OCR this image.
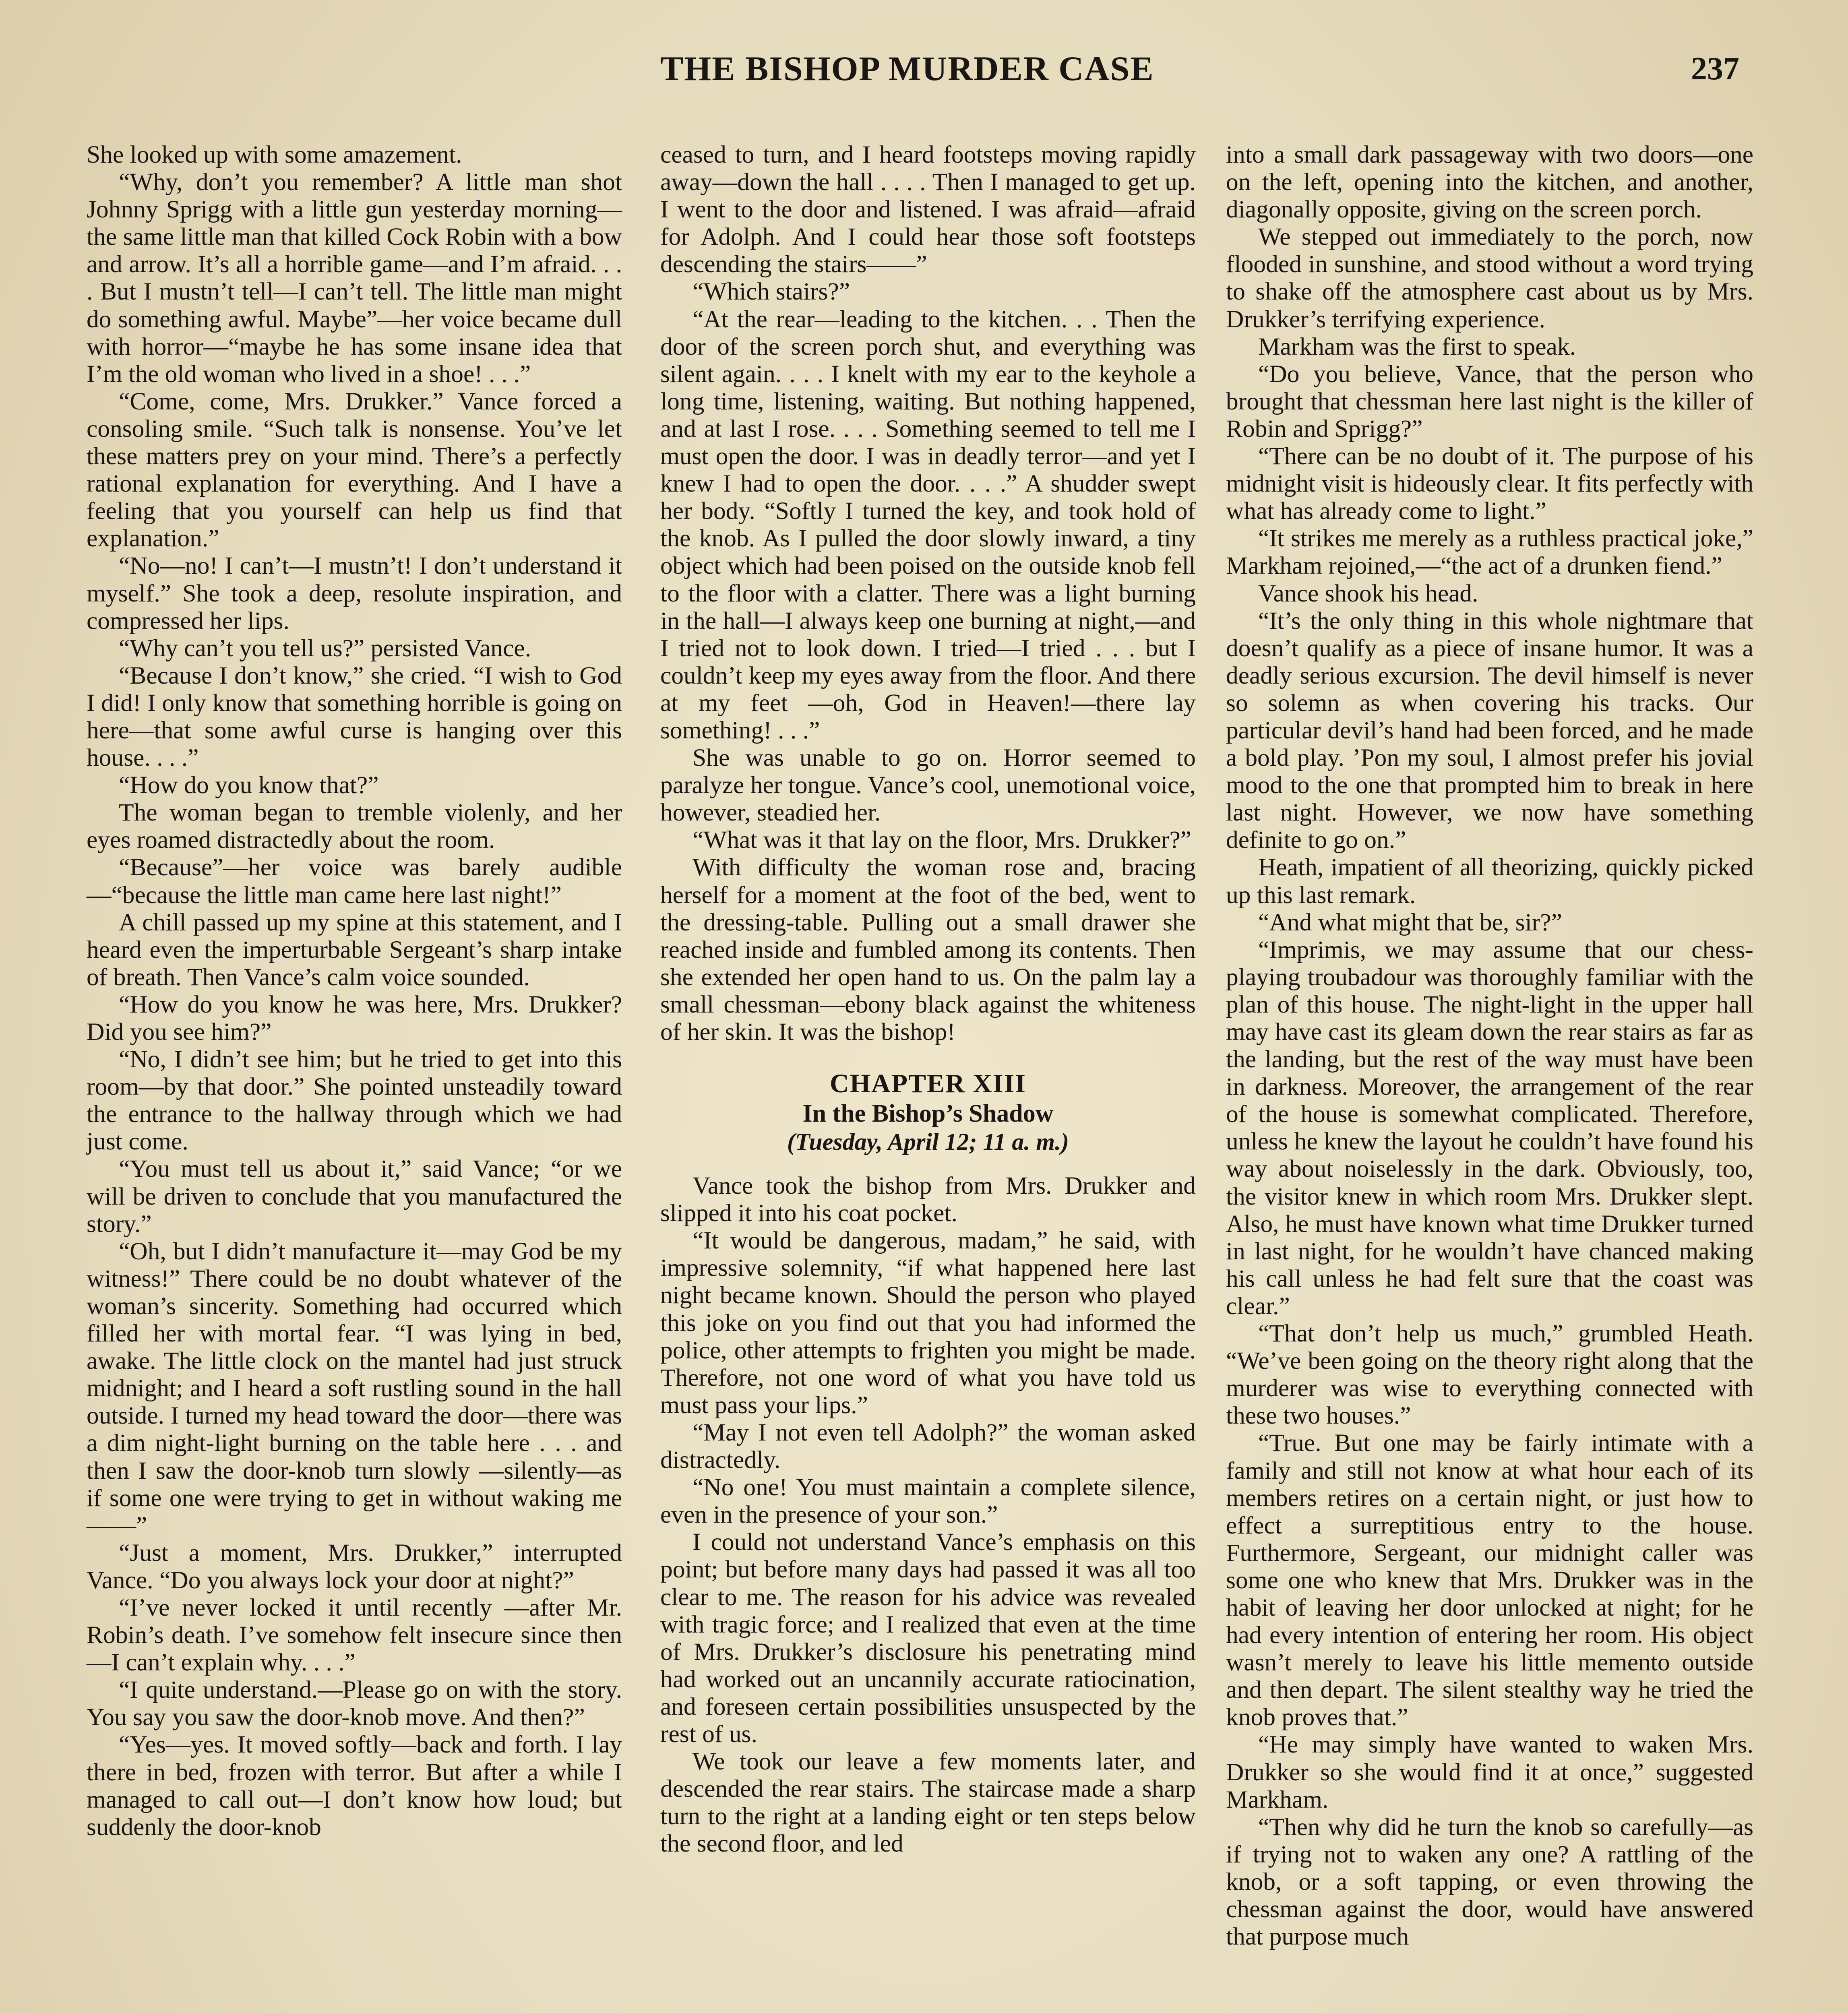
THE BISHOP MURDER CASE	237

She looked up with some amazement.

“Why, don’t you remember? A little man shot Johnny Sprigg with a little gun yesterday morning—the same little man that killed Cock Robin with a bow and arrow. It’s all a horrible game—and I’m afraid. . . . But I mustn’t tell—I can’t tell. The little man might do something awful. Maybe”—her voice became dull with horror—“maybe he has some insane idea that I’m the old woman who lived in a shoe! . . .”

“Come, come, Mrs. Drukker.” Vance forced a consoling smile. “Such talk is nonsense. You’ve let these matters prey on your mind. There’s a perfectly rational explanation for everything. And I have a feeling that you yourself can help us find that explanation.”

“No—no! I can’t—I mustn’t! I don’t understand it myself.” She took a deep, resolute inspiration, and compressed her lips.

“Why can’t you tell us?” persisted Vance.

“Because I don’t know,” she cried. “I wish to God I did! I only know that something horrible is going on here—that some awful curse is hanging over this house. . . .”

“How do you know that?”

The woman began to tremble violenly, and her eyes roamed distractedly about the room.

“Because”—her voice was barely audible—“because the little man came here last night!”

A chill passed up my spine at this statement, and I heard even the imperturbable Sergeant’s sharp intake of breath. Then Vance’s calm voice sounded.

“How do you know he was here, Mrs. Drukker? Did you see him?”

“No, I didn’t see him; but he tried to get into this room—by that door.” She pointed unsteadily toward the entrance to the hallway through which we had just come.

“You must tell us about it,” said Vance; “or we will be driven to conclude that you manufactured the story.”

“Oh, but I didn’t manufacture it—may God be my witness!” There could be no doubt whatever of the woman’s sincerity. Something had occurred which filled her with mortal fear. “I was lying in bed, awake. The little clock on the mantel had just struck midnight; and I heard a soft rustling sound in the hall outside. I turned my head toward the door—there was a dim night-light burning on the table here . . . and then I saw the door-knob turn slowly —silently—as if some one were trying to get in without waking me——”

“Just a moment, Mrs. Drukker,” interrupted Vance. “Do you always lock your door at night?”

“I’ve never locked it until recently —after Mr. Robin’s death. I’ve somehow felt insecure since then—I can’t explain why. . . .”

“I quite understand.—Please go on with the story. You say you saw the door-knob move. And then?”

“Yes—yes. It moved softly—back and forth. I lay there in bed, frozen with terror. But after a while I managed to call out—I don’t know how loud; but suddenly the door-knob

ceased to turn, and I heard footsteps moving rapidly away—down the hall . . . . Then I managed to get up. I went to the door and listened. I was afraid—afraid for Adolph. And I could hear those soft footsteps descending the stairs——”

“Which stairs?”

“At the rear—leading to the kitchen. . . Then the door of the screen porch shut, and everything was silent again. . . . I knelt with my ear to the keyhole a long time, listening, waiting. But nothing happened, and at last I rose. . . . Something seemed to tell me I must open the door. I was in deadly terror—and yet I knew I had to open the door. . . .” A shudder swept her body. “Softly I turned the key, and took hold of the knob. As I pulled the door slowly inward, a tiny object which had been poised on the outside knob fell to the floor with a clatter. There was a light burning in the hall—I always keep one burning at night,—and I tried not to look down. I tried—I tried . . . but I couldn’t keep my eyes away from the floor. And there at my feet —oh, God in Heaven!—there lay something! . . .”

She was unable to go on. Horror seemed to paralyze her tongue. Vance’s cool, unemotional voice, however, steadied her.

“What was it that lay on the floor, Mrs. Drukker?”

With difficulty the woman rose and, bracing herself for a moment at the foot of the bed, went to the dressing-table. Pulling out a small drawer she reached inside and fumbled among its contents. Then she extended her open hand to us. On the palm lay a small chessman—ebony black against the whiteness of her skin. It was the bishop!

CHAPTER XIII
In the Bishop’s Shadow
(Tuesday, April 12; 11 a. m.)

Vance took the bishop from Mrs. Drukker and slipped it into his coat pocket.

“It would be dangerous, madam,” he said, with impressive solemnity, “if what happened here last night became known. Should the person who played this joke on you find out that you had informed the police, other attempts to frighten you might be made. Therefore, not one word of what you have told us must pass your lips.”

“May I not even tell Adolph?” the woman asked distractedly.

“No one! You must maintain a complete silence, even in the presence of your son.”

I could not understand Vance’s emphasis on this point; but before many days had passed it was all too clear to me. The reason for his advice was revealed with tragic force; and I realized that even at the time of Mrs. Drukker’s disclosure his penetrating mind had worked out an uncannily accurate ratiocination, and foreseen certain possibilities unsuspected by the rest of us.

We took our leave a few moments later, and descended the rear stairs. The staircase made a sharp turn to the right at a landing eight or ten steps below the second floor, and led

into a small dark passageway with two doors—one on the left, opening into the kitchen, and another, diagonally opposite, giving on the screen porch.

We stepped out immediately to the porch, now flooded in sunshine, and stood without a word trying to shake off the atmosphere cast about us by Mrs. Drukker’s terrifying experience.

Markham was the first to speak.

“Do you believe, Vance, that the person who brought that chessman here last night is the killer of Robin and Sprigg?”

“There can be no doubt of it. The purpose of his midnight visit is hideously clear. It fits perfectly with what has already come to light.”

“It strikes me merely as a ruthless practical joke,” Markham rejoined,—“the act of a drunken fiend.”

Vance shook his head.

“It’s the only thing in this whole nightmare that doesn’t qualify as a piece of insane humor. It was a deadly serious excursion. The devil himself is never so solemn as when covering his tracks. Our particular devil’s hand had been forced, and he made a bold play. ’Pon my soul, I almost prefer his jovial mood to the one that prompted him to break in here last night. However, we now have something definite to go on.”

Heath, impatient of all theorizing, quickly picked up this last remark.

“And what might that be, sir?”

“Imprimis, we may assume that our chess-playing troubadour was thoroughly familiar with the plan of this house. The night-light in the upper hall may have cast its gleam down the rear stairs as far as the landing, but the rest of the way must have been in darkness. Moreover, the arrangement of the rear of the house is somewhat complicated. Therefore, unless he knew the layout he couldn’t have found his way about noiselessly in the dark. Obviously, too, the visitor knew in which room Mrs. Drukker slept. Also, he must have known what time Drukker turned in last night, for he wouldn’t have chanced making his call unless he had felt sure that the coast was clear.”

“That don’t help us much,” grumbled Heath. “We’ve been going on the theory right along that the murderer was wise to everything connected with these two houses.”

“True. But one may be fairly intimate with a family and still not know at what hour each of its members retires on a certain night, or just how to effect a surreptitious entry to the house. Furthermore, Sergeant, our midnight caller was some one who knew that Mrs. Drukker was in the habit of leaving her door unlocked at night; for he had every intention of entering her room. His object wasn’t merely to leave his little memento outside and then depart. The silent stealthy way he tried the knob proves that.”

“He may simply have wanted to waken Mrs. Drukker so she would find it at once,” suggested Markham.

“Then why did he turn the knob so carefully—as if trying not to waken any one? A rattling of the knob, or a soft tapping, or even throwing the chessman against the door, would have answered that purpose much
